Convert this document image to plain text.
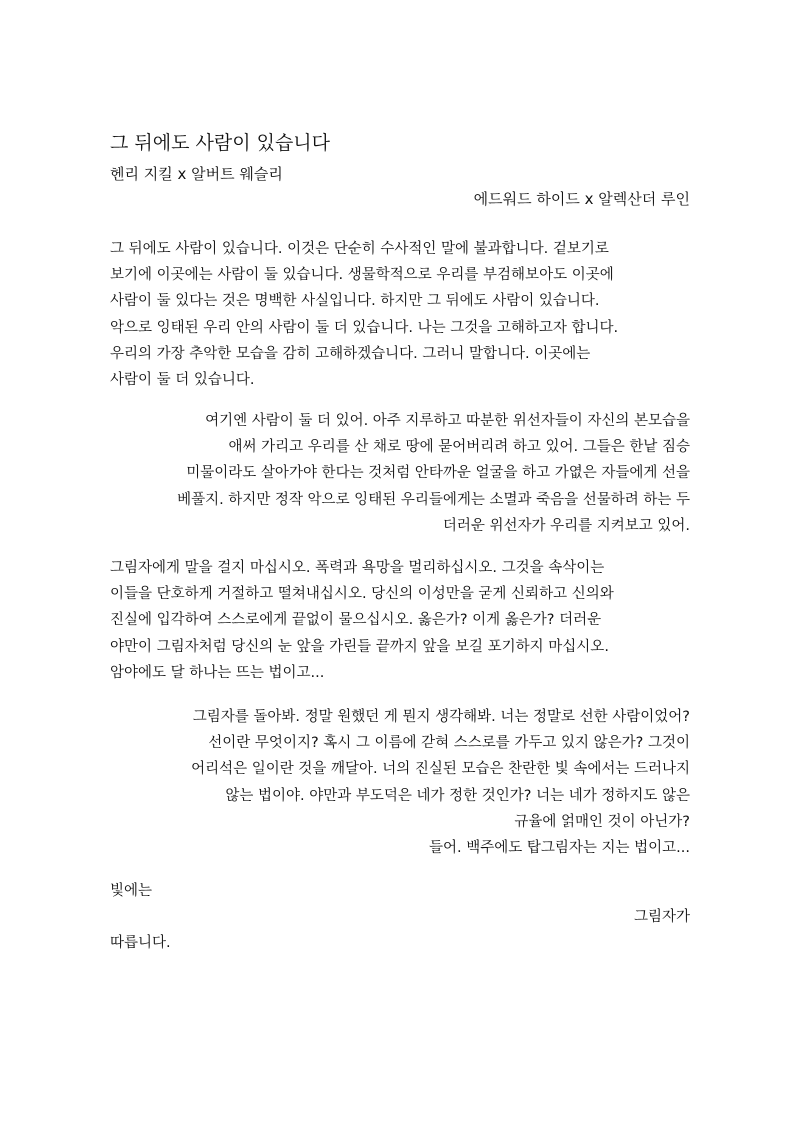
그 뒤에도 사람이 있습니다
헨리 지킬 x 알버트 웨슬리
에드워드 하이드 x 알렉산더 루인
그 뒤에도 사람이 있습니다. 이것은 단순히 수사적인 말에 불과합니다. 겉보기로
보기에 이곳에는 사람이 둘 있습니다. 생물학적으로 우리를 부검해보아도 이곳에
사람이 둘 있다는 것은 명백한 사실입니다. 하지만 그 뒤에도 사람이 있습니다.
악으로 잉태된 우리 안의 사람이 둘 더 있습니다. 나는 그것을 고해하고자 합니다.
우리의 가장 추악한 모습을 감히 고해하겠습니다. 그러니 말합니다. 이곳에는
사람이 둘 더 있습니다.
여기엔 사람이 둘 더 있어. 아주 지루하고 따분한 위선자들이 자신의 본모습을
애써 가리고 우리를 산 채로 땅에 묻어버리려 하고 있어. 그들은 한낱 짐승
미물이라도 살아가야 한다는 것처럼 안타까운 얼굴을 하고 가엾은 자들에게 선을
베풀지. 하지만 정작 악으로 잉태된 우리들에게는 소멸과 죽음을 선물하려 하는 두
더러운 위선자가 우리를 지켜보고 있어.
그림자에게 말을 걸지 마십시오. 폭력과 욕망을 멀리하십시오. 그것을 속삭이는
이들을 단호하게 거절하고 떨쳐내십시오. 당신의 이성만을 굳게 신뢰하고 신의와
진실에 입각하여 스스로에게 끝없이 물으십시오. 옳은가? 이게 옳은가? 더러운
야만이 그림자처럼 당신의 눈 앞을 가린들 끝까지 앞을 보길 포기하지 마십시오.
암야에도 달 하나는 뜨는 법이고...
그림자를 돌아봐. 정말 원했던 게 뭔지 생각해봐. 너는 정말로 선한 사람이었어?
선이란 무엇이지? 혹시 그 이름에 갇혀 스스로를 가두고 있지 않은가? 그것이
어리석은 일이란 것을 깨달아. 너의 진실된 모습은 찬란한 빛 속에서는 드러나지
않는 법이야. 야만과 부도덕은 네가 정한 것인가? 너는 네가 정하지도 않은
규율에 얽매인 것이 아닌가?
들어. 백주에도 탑그림자는 지는 법이고...
빛에는
그림자가
따릅니다.
